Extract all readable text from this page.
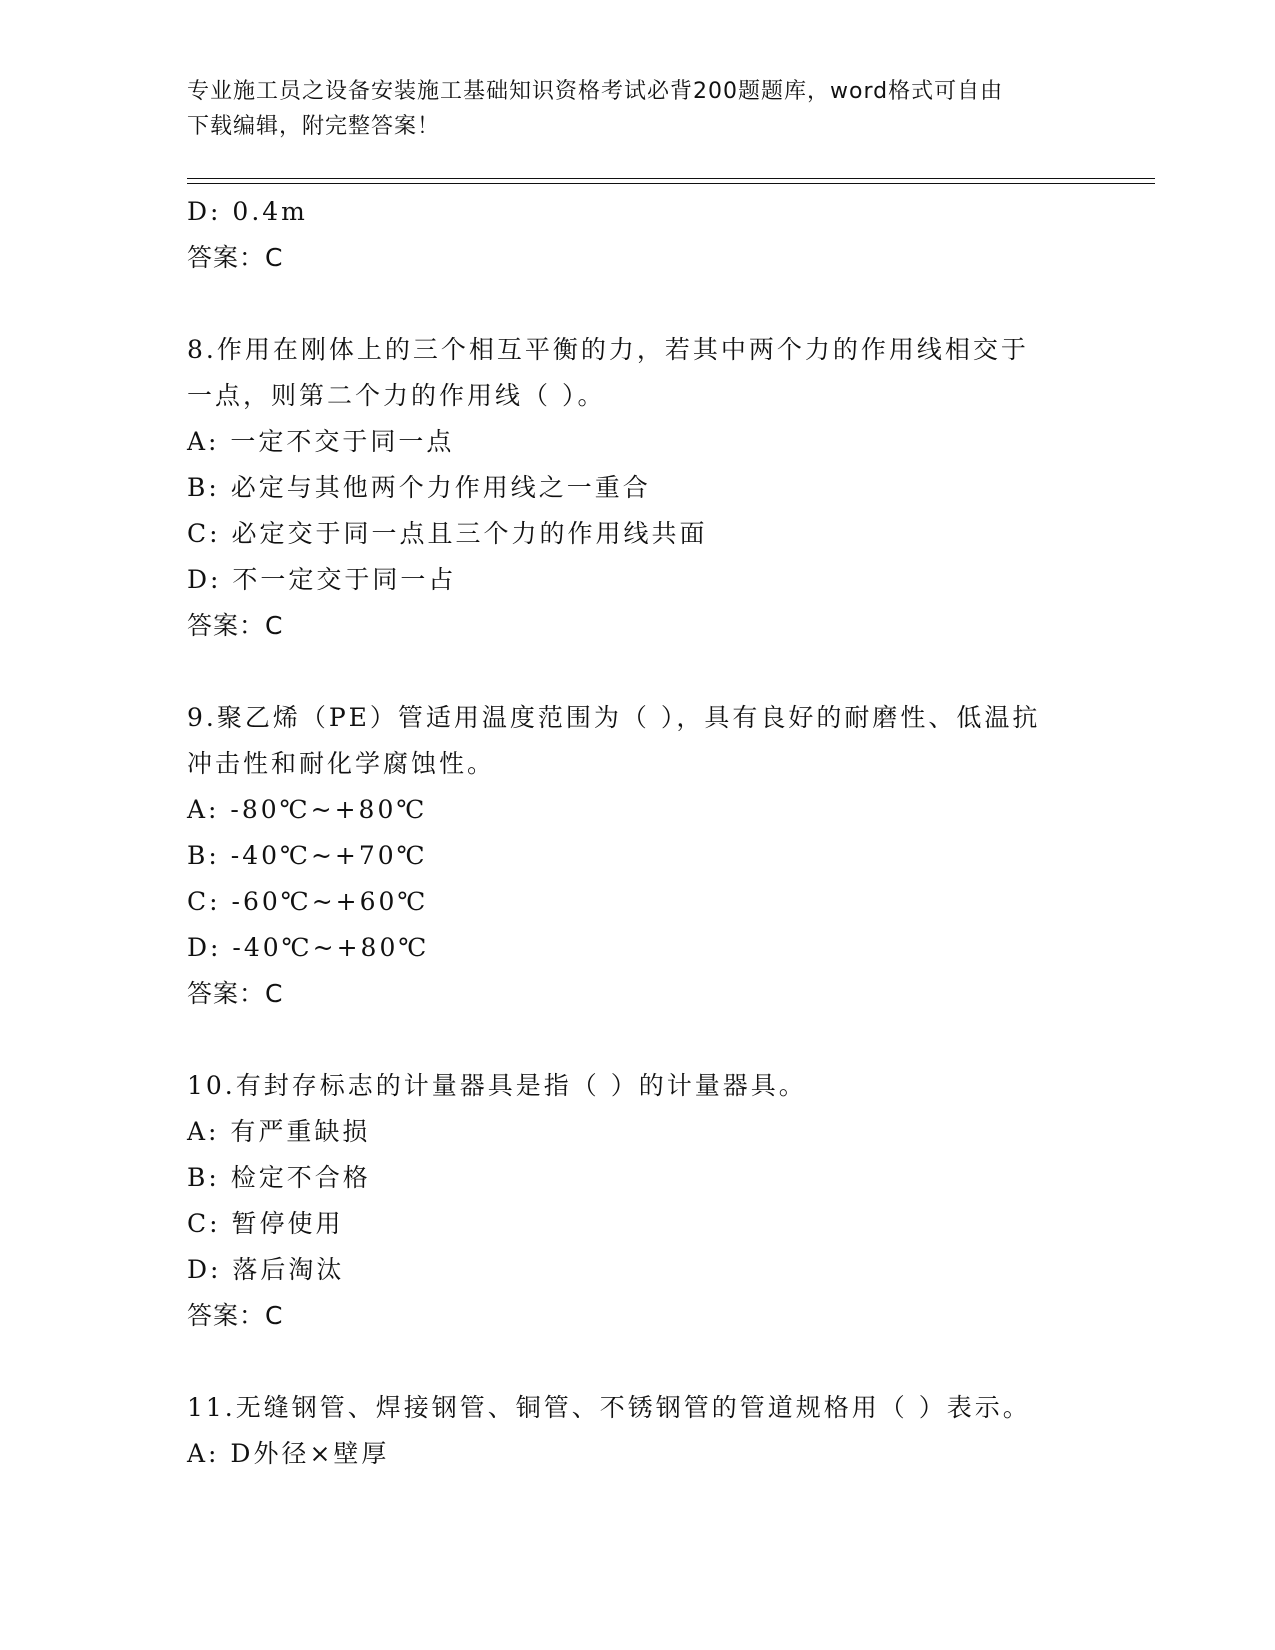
专业施工员之设备安装施工基础知识资格考试必背200题题库，word格式可自由
下载编辑，附完整答案！
D: 0.4m
答案：C
8.作用在刚体上的三个相互平衡的力，若其中两个力的作用线相交于
一点，则第二个力的作用线（ ）。
A: 一定不交于同一点
B: 必定与其他两个力作用线之一重合
C: 必定交于同一点且三个力的作用线共面
D: 不一定交于同一占
答案：C
9.聚乙烯（PE）管适用温度范围为（ ），具有良好的耐磨性、低温抗
冲击性和耐化学腐蚀性。
A: -80℃~+80℃
B: -40℃~+70℃
C: -60℃~+60℃
D: -40℃~+80℃
答案：C
10.有封存标志的计量器具是指（ ）的计量器具。
A: 有严重缺损
B: 检定不合格
C: 暂停使用
D: 落后淘汰
答案：C
11.无缝钢管、焊接钢管、铜管、不锈钢管的管道规格用（ ）表示。
A: D外径×壁厚
